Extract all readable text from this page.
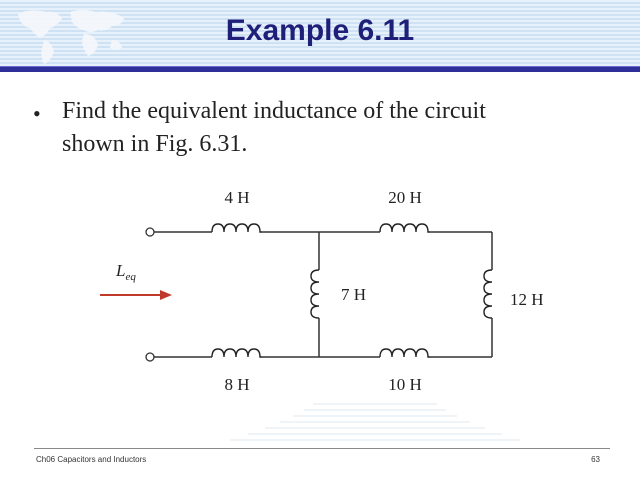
Example 6.11
• Find the equivalent inductance of the circuit
shown in Fig. 6.31.
$L_{eq}$
4 H	20 H
7 H	12 H
8 H	10 H
Ch06 Capacitors and Inductors	63
